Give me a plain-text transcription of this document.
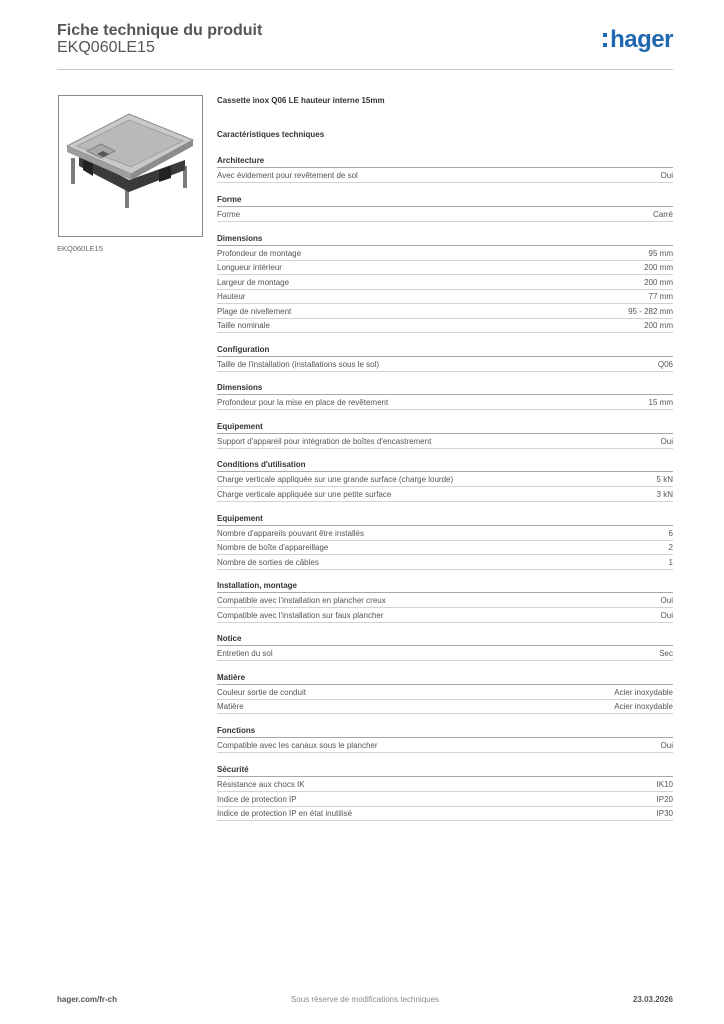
Fiche technique du produit
EKQ060LE15	hager
EKQ060LE15
Cassette inox Q06 LE hauteur interne 15mm
Caractéristiques techniques
Architecture
Avec évidement pour revêtement de sol	Oui
Forme
Forme	Carré
Dimensions
Profondeur de montage	95 mm
Longueur intérieur	200 mm
Largeur de montage	200 mm
Hauteur	77 mm
Plage de nivellement	95 - 282 mm
Taille nominale	200 mm
Configuration
Taille de l'installation (installations sous le sol)	Q06
Dimensions
Profondeur pour la mise en place de revêtement	15 mm
Equipement
Support d'appareil pour intégration de boîtes d'encastrement	Oui
Conditions d'utilisation
Charge verticale appliquée sur une grande surface (charge lourde)	5 kN
Charge verticale appliquée sur une petite surface	3 kN
Equipement
Nombre d'appareils pouvant être installés	6
Nombre de boîte d'appareillage	2
Nombre de sorties de câbles	1
Installation, montage
Compatible avec l'installation en plancher creux	Oui
Compatible avec l'installation sur faux plancher	Oui
Notice
Entretien du sol	Sec
Matière
Couleur sortie de conduit	Acier inoxydable
Matière	Acier inoxydable
Fonctions
Compatible avec les canaux sous le plancher	Oui
Sécurité
Résistance aux chocs IK	IK10
Indice de protection IP	IP20
Indice de protection IP en état inutilisé	IP30
hager.com/fr-ch	Sous réserve de modifications techniques	23.03.2026
